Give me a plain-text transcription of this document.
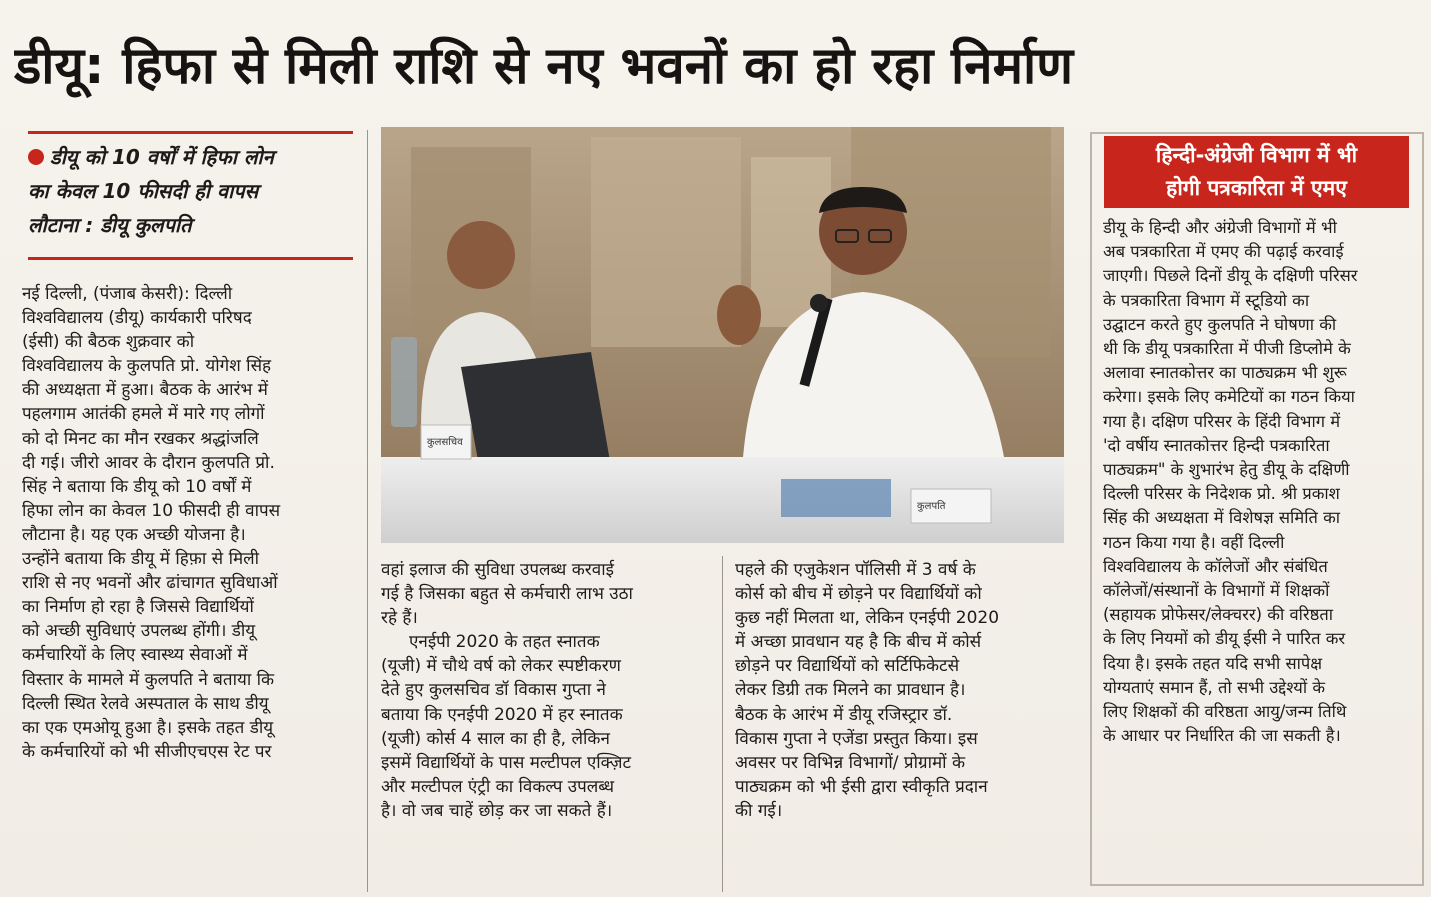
डीयू: हिफा से मिली राशि से नए भवनों का हो रहा निर्माण
डीयू को 10 वर्षों में हिफा लोन
का केवल 10 फीसदी ही वापस
लौटाना : डीयू कुलपति
नई दिल्ली, (पंजाब केसरी): दिल्ली
विश्वविद्यालय (डीयू) कार्यकारी परिषद
(ईसी) की बैठक शुक्रवार को
विश्वविद्यालय के कुलपति प्रो. योगेश सिंह
की अध्यक्षता में हुआ। बैठक के आरंभ में
पहलगाम आतंकी हमले में मारे गए लोगों
को दो मिनट का मौन रखकर श्रद्धांजलि
दी गई। जीरो आवर के दौरान कुलपति प्रो.
सिंह ने बताया कि डीयू को 10 वर्षों में
हिफा लोन का केवल 10 फीसदी ही वापस
लौटाना है। यह एक अच्छी योजना है।
उन्होंने बताया कि डीयू में हिफ़ा से मिली
राशि से नए भवनों और ढांचागत सुविधाओं
का निर्माण हो रहा है जिससे विद्यार्थियों
को अच्छी सुविधाएं उपलब्ध होंगी। डीयू
कर्मचारियों के लिए स्वास्थ्य सेवाओं में
विस्तार के मामले में कुलपति ने बताया कि
दिल्ली स्थित रेलवे अस्पताल के साथ डीयू
का एक एमओयू हुआ है। इसके तहत डीयू
के कर्मचारियों को भी सीजीएचएस रेट पर
कुलसचिव
कुलपति
वहां इलाज की सुविधा उपलब्ध करवाई
गई है जिसका बहुत से कर्मचारी लाभ उठा
रहे हैं।
एनईपी 2020 के तहत स्नातक
(यूजी) में चौथे वर्ष को लेकर स्पष्टीकरण
देते हुए कुलसचिव डॉ विकास गुप्ता ने
बताया कि एनईपी 2020 में हर स्नातक
(यूजी) कोर्स 4 साल का ही है, लेकिन
इसमें विद्यार्थियों के पास मल्टीपल एक्ज़िट
और मल्टीपल एंट्री का विकल्प उपलब्ध
है। वो जब चाहें छोड़ कर जा सकते हैं।
पहले की एजुकेशन पॉलिसी में 3 वर्ष के
कोर्स को बीच में छोड़ने पर विद्यार्थियों को
कुछ नहीं मिलता था, लेकिन एनईपी 2020
में अच्छा प्रावधान यह है कि बीच में कोर्स
छोड़ने पर विद्यार्थियों को सर्टिफिकेटसे
लेकर डिग्री तक मिलने का प्रावधान है।
बैठक के आरंभ में डीयू रजिस्ट्रार डॉ.
विकास गुप्ता ने एजेंडा प्रस्तुत किया। इस
अवसर पर विभिन्न विभागों/ प्रोग्रामों के
पाठ्यक्रम को भी ईसी द्वारा स्वीकृति प्रदान
की गई।
हिन्दी-अंग्रेजी विभाग में भी
होगी पत्रकारिता में एमए
डीयू के हिन्दी और अंग्रेजी विभागों में भी
अब पत्रकारिता में एमए की पढ़ाई करवाई
जाएगी। पिछले दिनों डीयू के दक्षिणी परिसर
के पत्रकारिता विभाग में स्टूडियो का
उद्घाटन करते हुए कुलपति ने घोषणा की
थी कि डीयू पत्रकारिता में पीजी डिप्लोमे के
अलावा स्नातकोत्तर का पाठ्यक्रम भी शुरू
करेगा। इसके लिए कमेटियों का गठन किया
गया है। दक्षिण परिसर के हिंदी विभाग में
'दो वर्षीय स्नातकोत्तर हिन्दी पत्रकारिता
पाठ्यक्रम" के शुभारंभ हेतु डीयू के दक्षिणी
दिल्ली परिसर के निदेशक प्रो. श्री प्रकाश
सिंह की अध्यक्षता में विशेषज्ञ समिति का
गठन किया गया है। वहीं दिल्ली
विश्वविद्यालय के कॉलेजों और संबंधित
कॉलेजों/संस्थानों के विभागों में शिक्षकों
(सहायक प्रोफेसर/लेक्चरर) की वरिष्ठता
के लिए नियमों को डीयू ईसी ने पारित कर
दिया है। इसके तहत यदि सभी सापेक्ष
योग्यताएं समान हैं, तो सभी उद्देश्यों के
लिए शिक्षकों की वरिष्ठता आयु/जन्म तिथि
के आधार पर निर्धारित की जा सकती है।
